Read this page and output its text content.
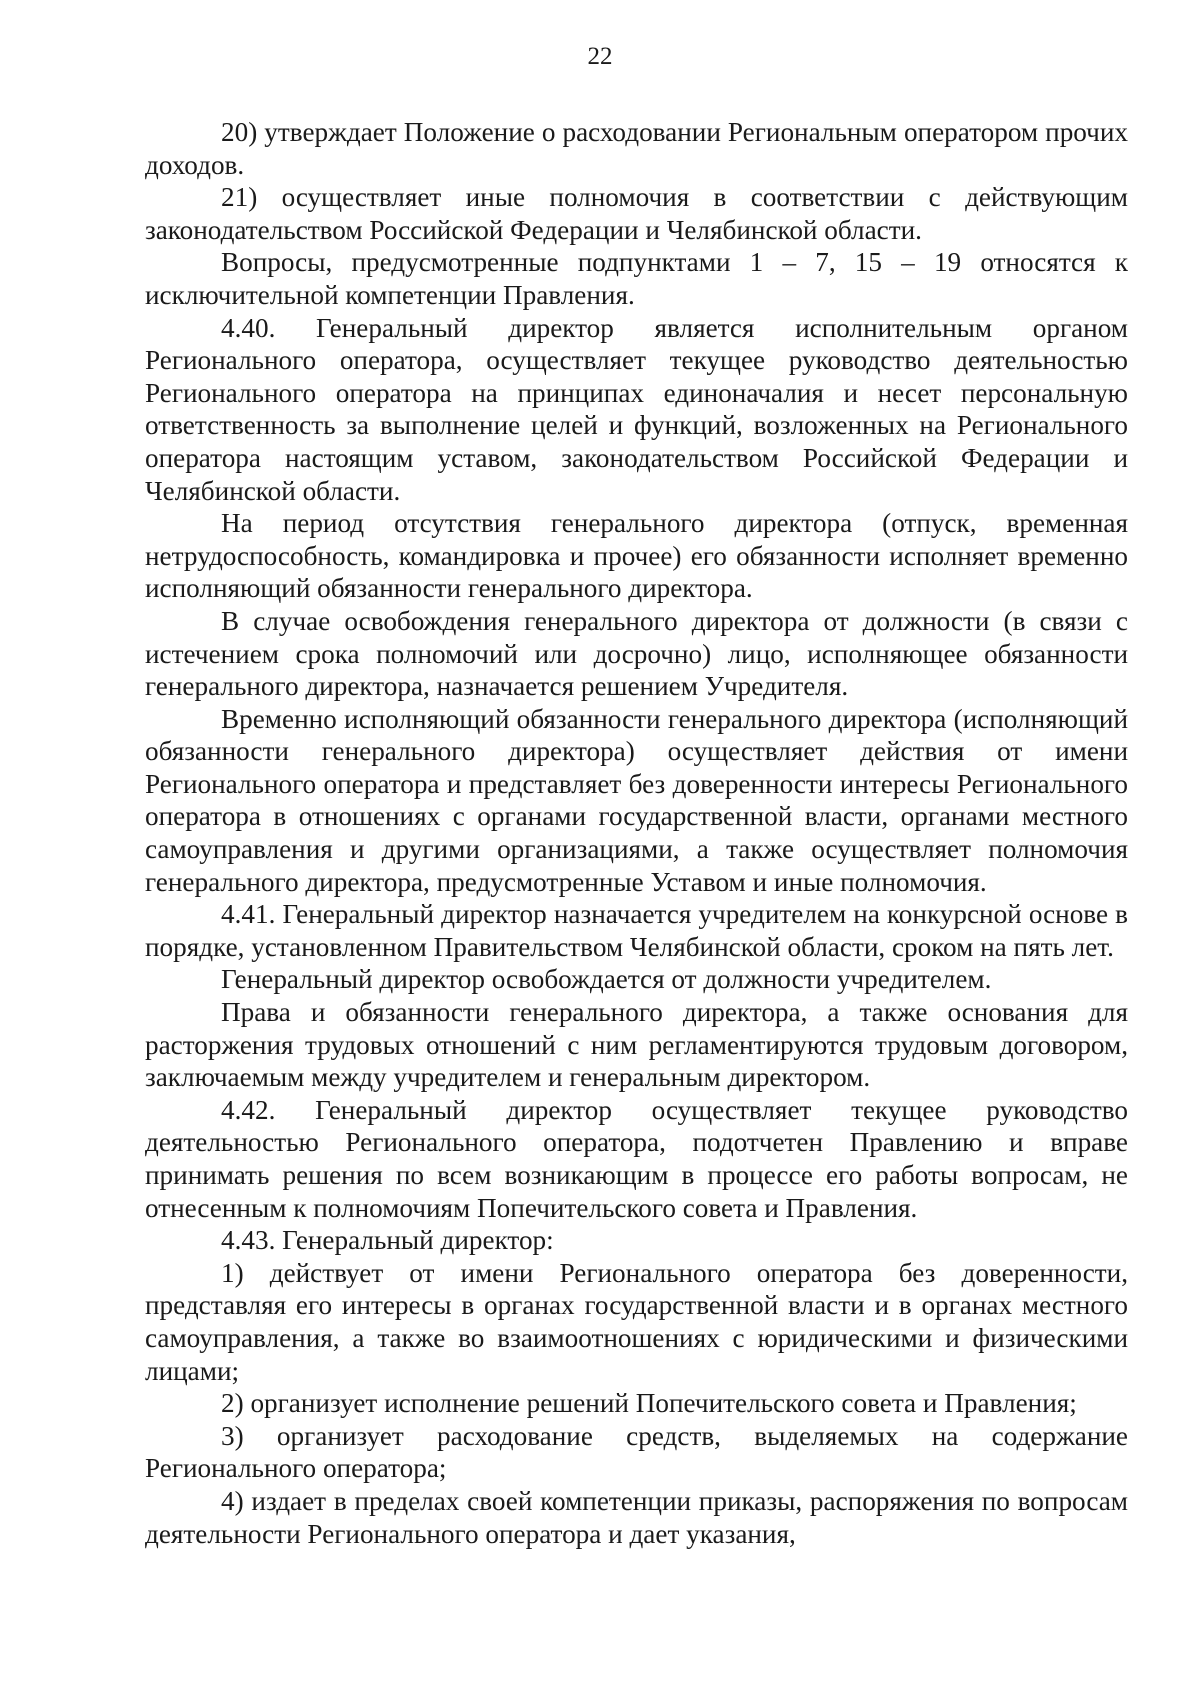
22

20) утверждает Положение о расходовании Региональным оператором прочих доходов.

21) осуществляет иные полномочия в соответствии с действующим законодательством Российской Федерации и Челябинской области.

Вопросы, предусмотренные подпунктами 1 – 7, 15 – 19 относятся к исключительной компетенции Правления.

4.40. Генеральный директор является исполнительным органом Регионального оператора, осуществляет текущее руководство деятельностью Регионального оператора на принципах единоначалия и несет персональную ответственность за выполнение целей и функций, возложенных на Регионального оператора настоящим уставом, законодательством Российской Федерации и Челябинской области.

На период отсутствия генерального директора (отпуск, временная нетрудоспособность, командировка и прочее) его обязанности исполняет временно исполняющий обязанности генерального директора.

В случае освобождения генерального директора от должности (в связи с истечением срока полномочий или досрочно) лицо, исполняющее обязанности генерального директора, назначается решением Учредителя.

Временно исполняющий обязанности генерального директора (исполняющий обязанности генерального директора) осуществляет действия от имени Регионального оператора и представляет без доверенности интересы Регионального оператора в отношениях с органами государственной власти, органами местного самоуправления и другими организациями, а также осуществляет полномочия генерального директора, предусмотренные Уставом и иные полномочия.

4.41. Генеральный директор назначается учредителем на конкурсной основе в порядке, установленном Правительством Челябинской области, сроком на пять лет.

Генеральный директор освобождается от должности учредителем.

Права и обязанности генерального директора, а также основания для расторжения трудовых отношений с ним регламентируются трудовым договором, заключаемым между учредителем и генеральным директором.

4.42. Генеральный директор осуществляет текущее руководство деятельностью Регионального оператора, подотчетен Правлению и вправе принимать решения по всем возникающим в процессе его работы вопросам, не отнесенным к полномочиям Попечительского совета и Правления.

4.43. Генеральный директор:

1) действует от имени Регионального оператора без доверенности, представляя его интересы в органах государственной власти и в органах местного самоуправления, а также во взаимоотношениях с юридическими и физическими лицами;

2) организует исполнение решений Попечительского совета и Правления;

3) организует расходование средств, выделяемых на содержание Регионального оператора;

4) издает в пределах своей компетенции приказы, распоряжения по вопросам деятельности Регионального оператора и дает указания,
